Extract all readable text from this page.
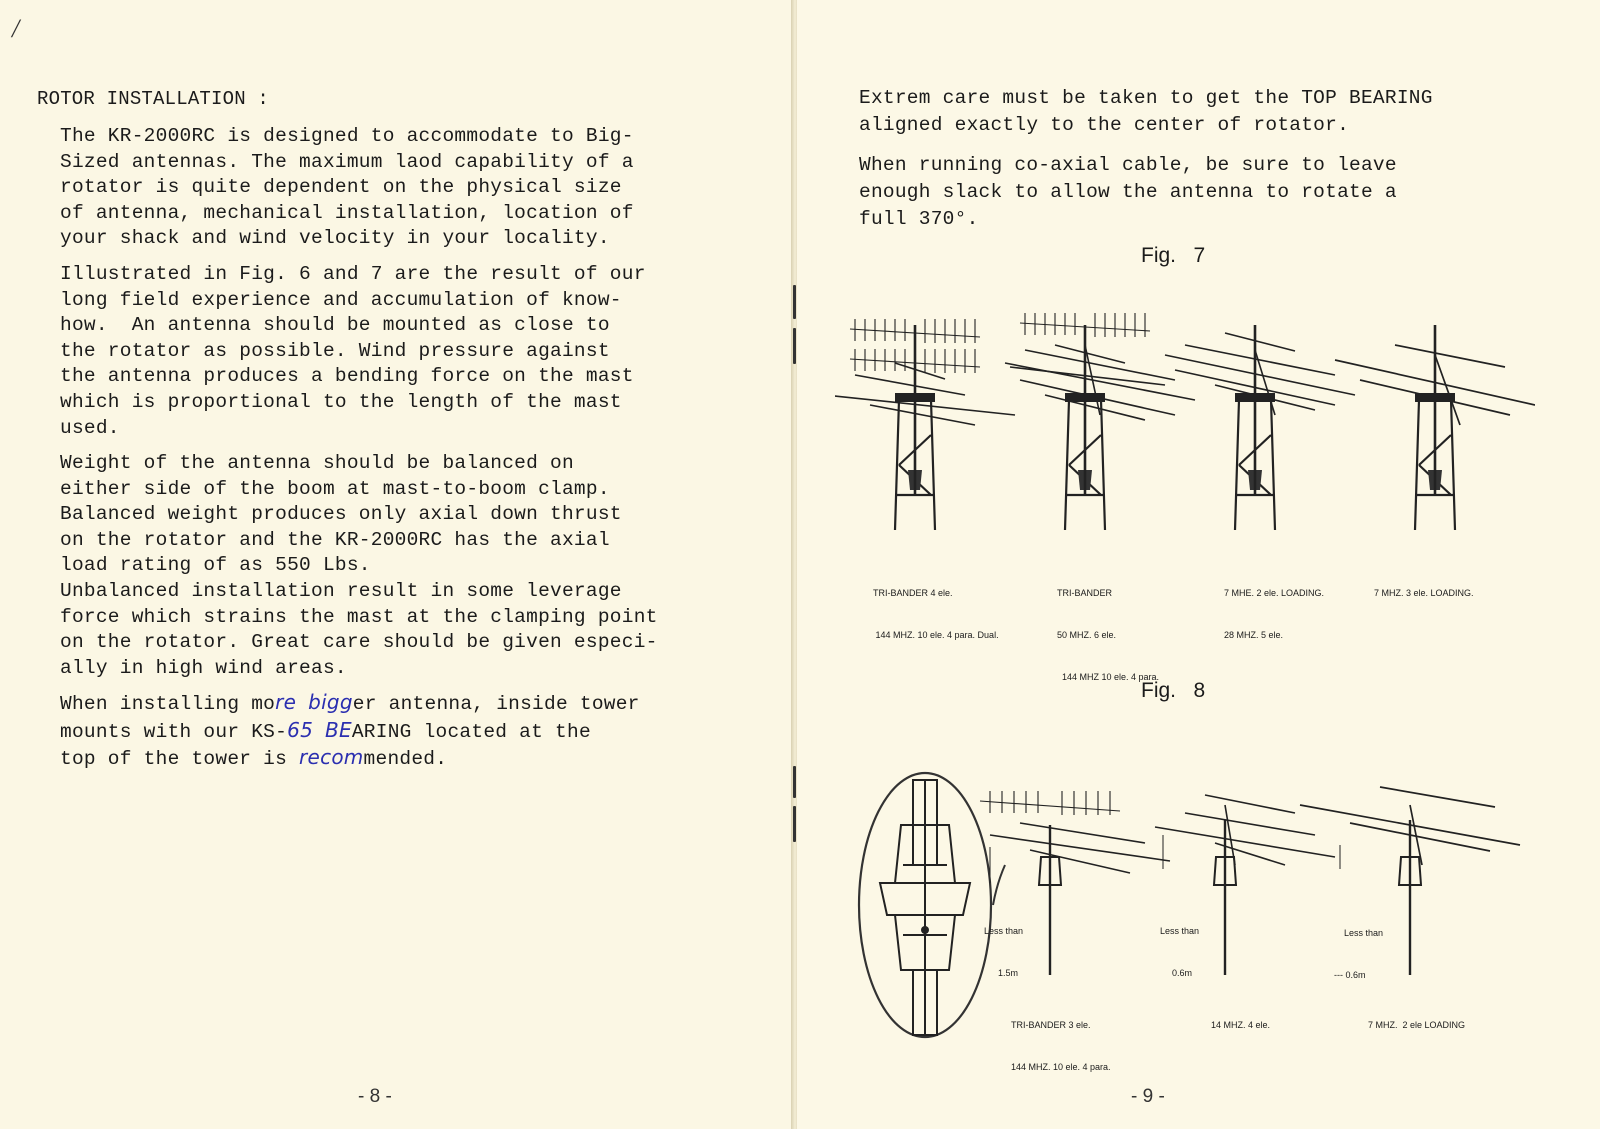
/
ROTOR INSTALLATION :

The KR-2000RC is designed to accommodate to Big-
Sized antennas. The maximum laod capability of a
rotator is quite dependent on the physical size
of antenna, mechanical installation, location of
your shack and wind velocity in your locality.

Illustrated in Fig. 6 and 7 are the result of our
long field experience and accumulation of know-
how.  An antenna should be mounted as close to
the rotator as possible. Wind pressure against
the antenna produces a bending force on the mast
which is proportional to the length of the mast
used.

Weight of the antenna should be balanced on
either side of the boom at mast-to-boom clamp.
Balanced weight produces only axial down thrust
on the rotator and the KR-2000RC has the axial
load rating of as 550 Lbs.
Unbalanced installation result in some leverage
force which strains the mast at the clamping point
on the rotator. Great care should be given especi-
ally in high wind areas.

When installing more bigger antenna, inside tower
mounts with our KS-65 BEARING located at the
top of the tower is recommended.

- 8 -

Extrem care must be taken to get the TOP BEARING
aligned exactly to the center of rotator.

When running co-axial cable, be sure to leave
enough slack to allow the antenna to rotate a
full 370°.

Fig.   7

TRI-BANDER 4 ele.

144 MHZ. 10 ele. 4 para. Dual.

TRI-BANDER

50 MHZ. 6 ele.

144 MHZ 10 ele. 4 para.

7 MHE. 2 ele. LOADING.

28 MHZ. 5 ele.

7 MHZ. 3 ele. LOADING.

Fig.   8

Less than

1.5m

Less than

0.6m

Less than

--- 0.6m

TRI-BANDER 3 ele.

144 MHZ. 10 ele. 4 para.

14 MHZ. 4 ele.

	7 MHZ.  2 ele LOADING

- 9 -
